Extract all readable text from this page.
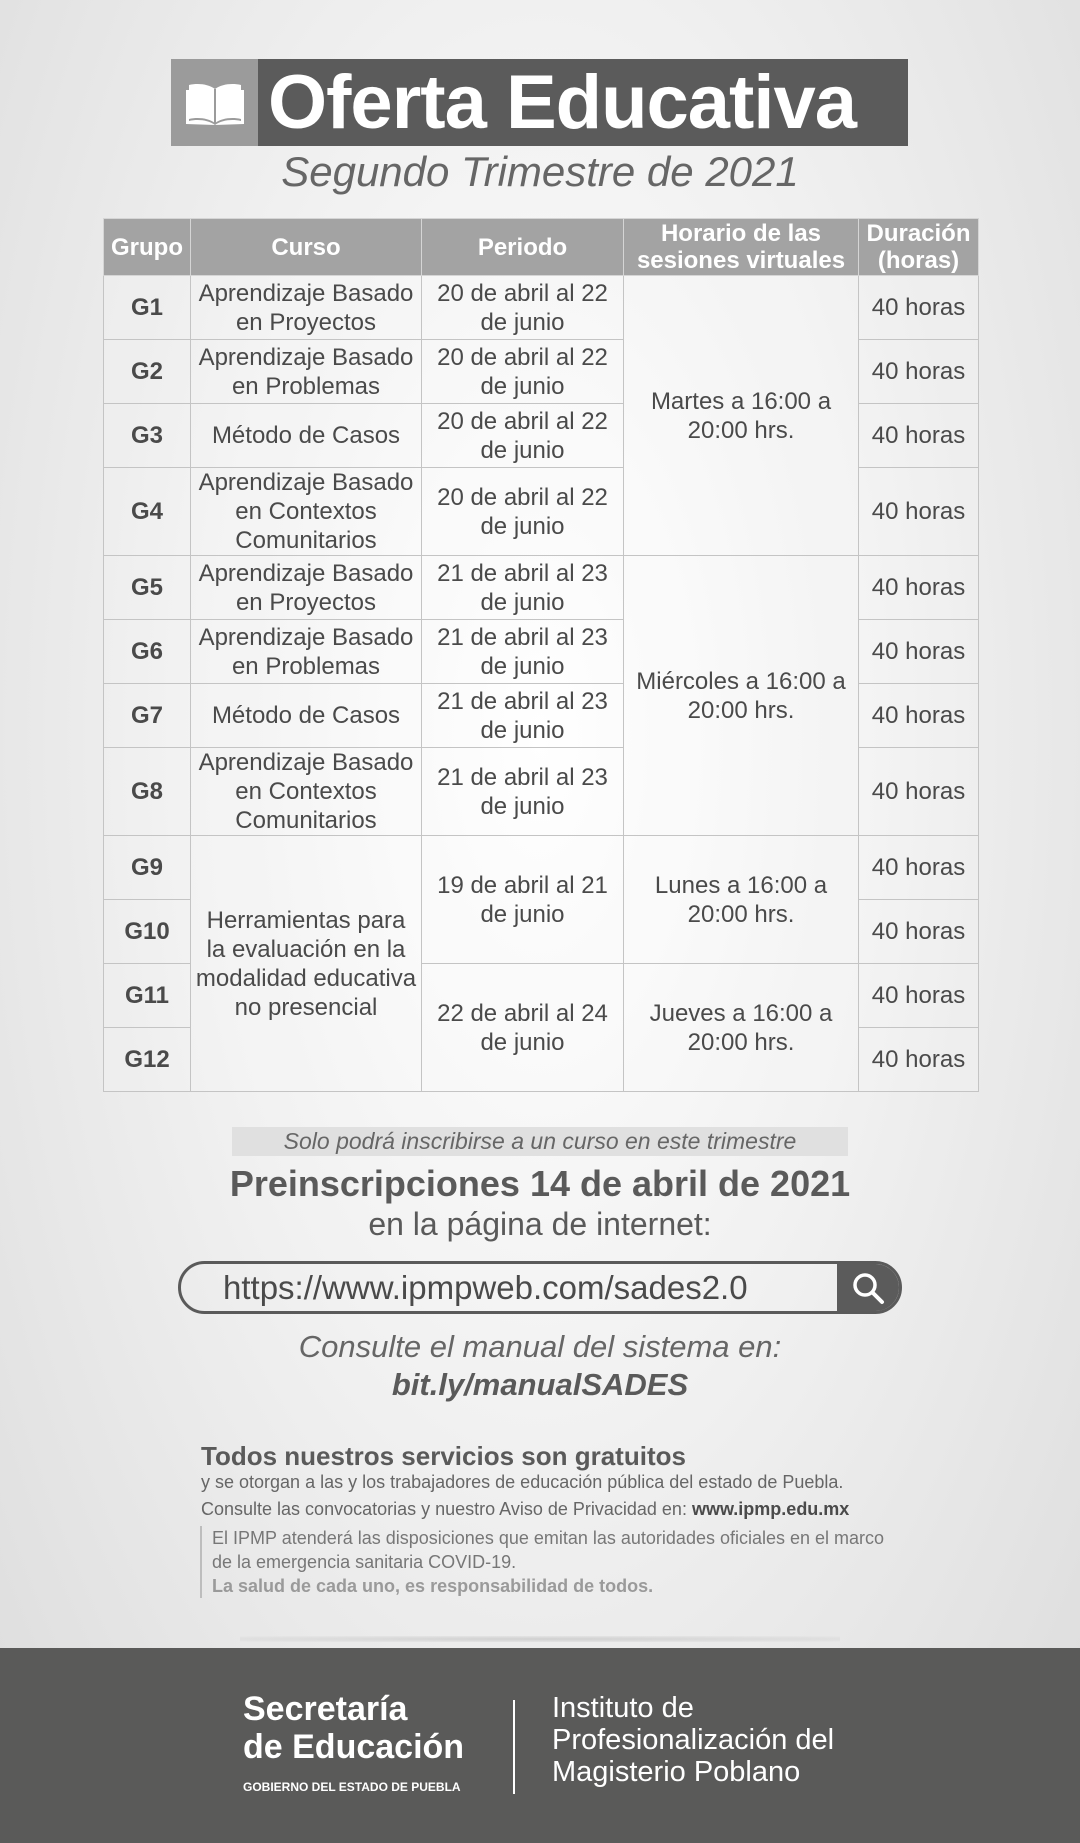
Oferta Educativa
Segundo Trimestre de 2021
Grupo	Curso	Periodo	Horario de las sesiones virtuales	Duración (horas)
G1	Aprendizaje Basado en Proyectos	20 de abril al 22 de junio	Martes a 16:00 a 20:00 hrs.	40 horas
G2	Aprendizaje Basado en Problemas	20 de abril al 22 de junio		40 horas
G3	Método de Casos	20 de abril al 22 de junio		40 horas
G4	Aprendizaje Basado en Contextos Comunitarios	20 de abril al 22 de junio		40 horas
G5	Aprendizaje Basado en Proyectos	21 de abril al 23 de junio	Miércoles a 16:00 a 20:00 hrs.	40 horas
G6	Aprendizaje Basado en Problemas	21 de abril al 23 de junio		40 horas
G7	Método de Casos	21 de abril al 23 de junio		40 horas
G8	Aprendizaje Basado en Contextos Comunitarios	21 de abril al 23 de junio		40 horas
G9	Herramientas para la evaluación en la modalidad educativa no presencial	19 de abril al 21 de junio	Lunes a 16:00 a 20:00 hrs.	40 horas
G10				40 horas
G11		22 de abril al 24 de junio	Jueves a 16:00 a 20:00 hrs.	40 horas
G12				40 horas
Solo podrá inscribirse a un curso en este trimestre
Preinscripciones 14 de abril de 2021
en la página de internet:
https://www.ipmpweb.com/sades2.0
Consulte el manual del sistema en:
bit.ly/manualSADES
Todos nuestros servicios son gratuitos
y se otorgan a las y los trabajadores de educación pública del estado de Puebla.
Consulte las convocatorias y nuestro Aviso de Privacidad en: www.ipmp.edu.mx
El IPMP atenderá las disposiciones que emitan las autoridades oficiales en el marco de la emergencia sanitaria COVID-19.
La salud de cada uno, es responsabilidad de todos.
Secretaría
de Educación
GOBIERNO DEL ESTADO DE PUEBLA
Instituto de
Profesionalización del
Magisterio Poblano
